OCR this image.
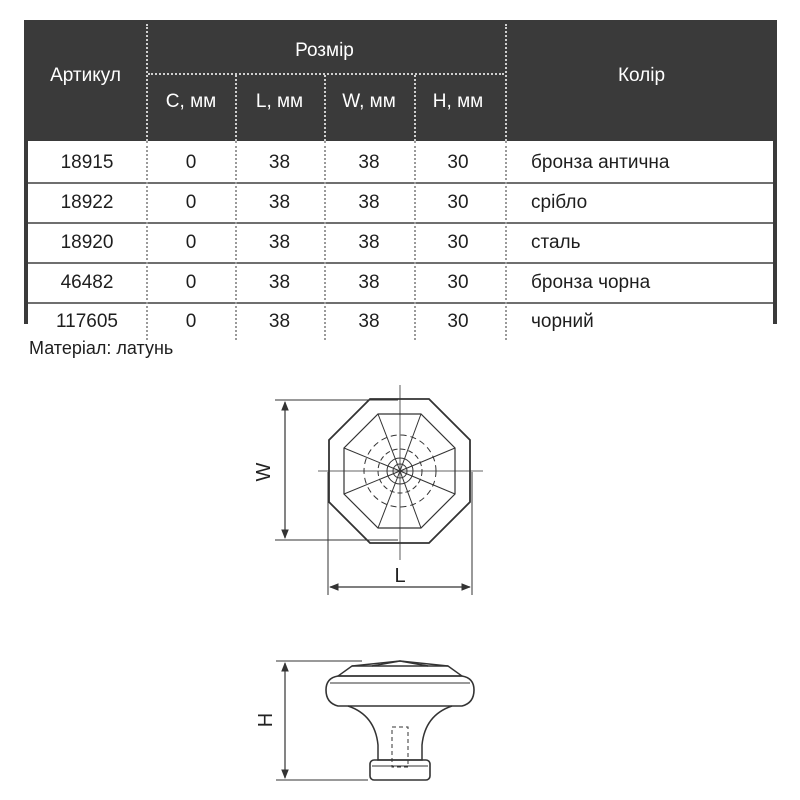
Артикул
Розмір
C, мм	L, мм	W, мм	H, мм
Колір
18915	0	38	38	30	бронза антична
18922	0	38	38	30	срібло
18920	0	38	38	30	сталь
46482	0	38	38	30	бронза чорна
117605	0	38	38	30	чорний
Матеріал: латунь
W
L
H
